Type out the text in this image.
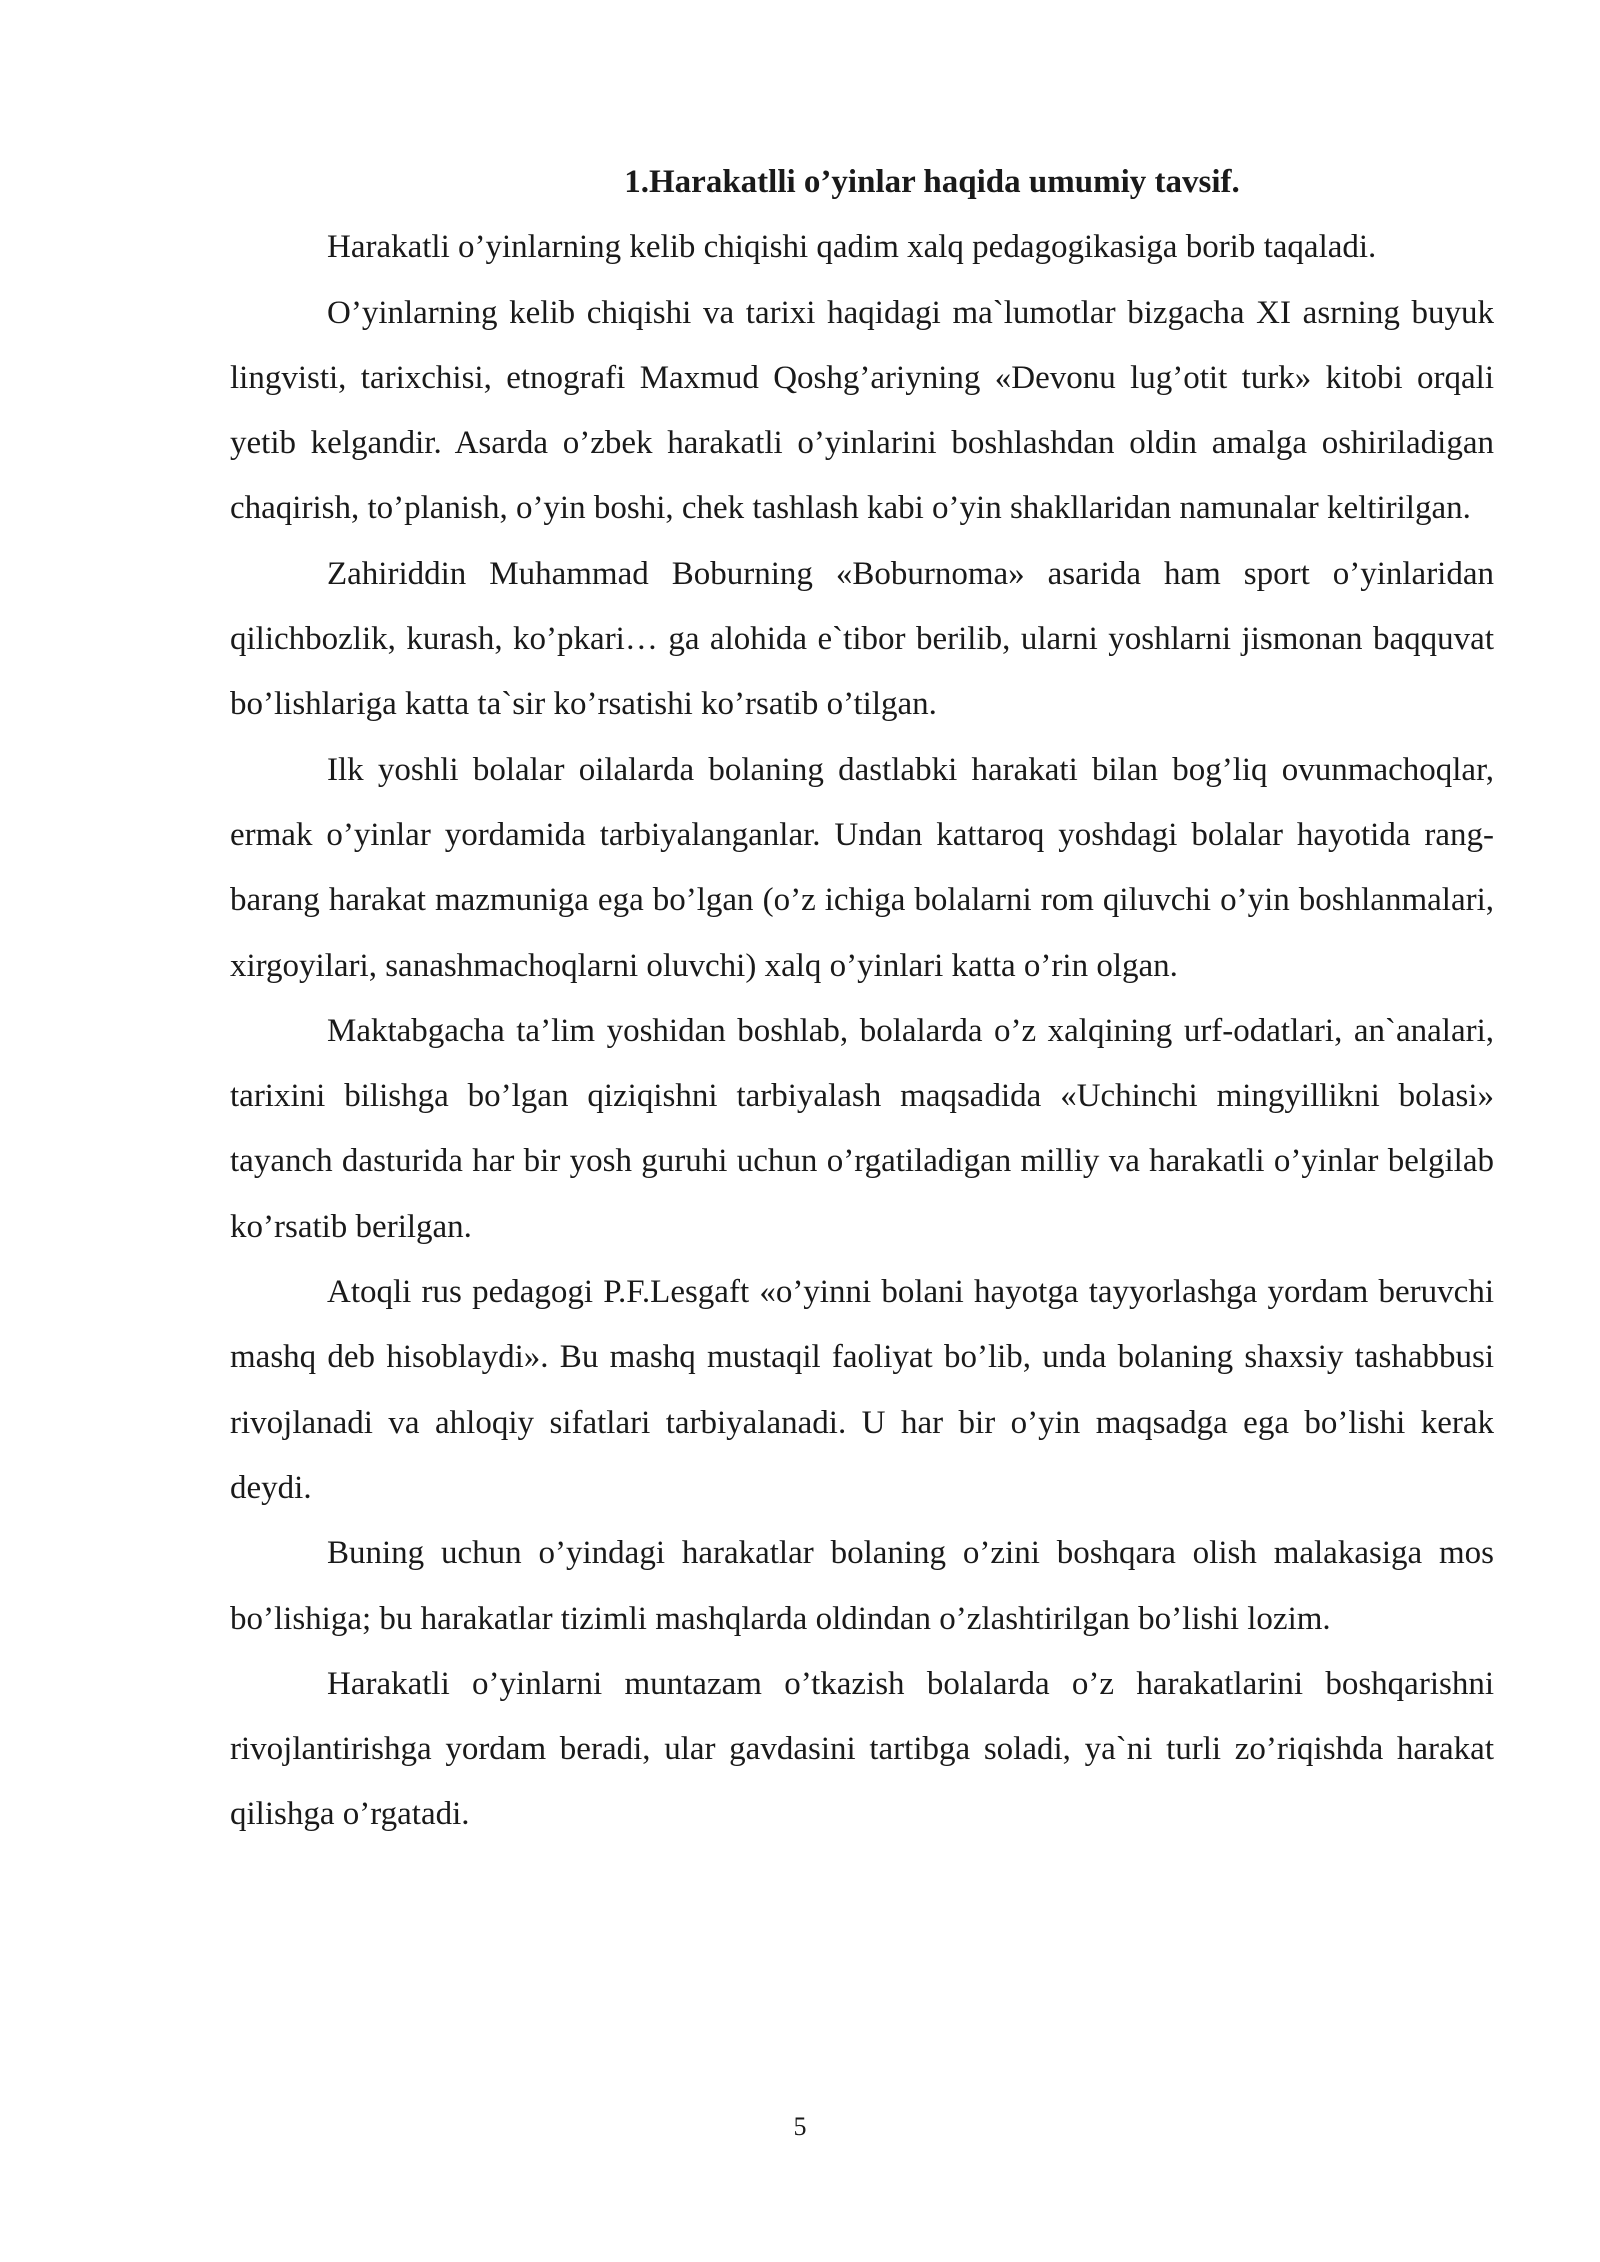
1.Harakatlli o’yinlar haqida umumiy tavsif.

Harakatli o’yinlarning kelib chiqishi qadim xalq pedagogikasiga borib taqaladi.

O’yinlarning kelib chiqishi va tarixi haqidagi ma`lumotlar bizgacha XI asrning buyuk lingvisti, tarixchisi, etnografi Maxmud Qoshg’ariyning «Devonu lug’otit turk» kitobi orqali yetib kelgandir. Asarda o’zbek harakatli o’yinlarini boshlashdan oldin amalga oshiriladigan chaqirish, to’planish, o’yin boshi, chek tashlash kabi o’yin shakllaridan namunalar keltirilgan.

Zahiriddin Muhammad Boburning «Boburnoma» asarida ham sport o’yinlaridan qilichbozlik, kurash, ko’pkari… ga alohida e`tibor berilib, ularni yoshlarni jismonan baqquvat bo’lishlariga katta ta`sir ko’rsatishi ko’rsatib o’tilgan.

Ilk yoshli bolalar oilalarda bolaning dastlabki harakati bilan bog’liq ovunmachoqlar, ermak o’yinlar yordamida tarbiyalanganlar. Undan kattaroq yoshdagi bolalar hayotida rang-barang harakat mazmuniga ega bo’lgan (o’z ichiga bolalarni rom qiluvchi o’yin boshlanmalari, xirgoyilari, sanashmachoqlarni oluvchi) xalq o’yinlari katta o’rin olgan.

Maktabgacha ta’lim yoshidan boshlab, bolalarda o’z xalqining urf-odatlari, an`analari, tarixini bilishga bo’lgan qiziqishni tarbiyalash maqsadida «Uchinchi mingyillikni bolasi» tayanch dasturida har bir yosh guruhi uchun o’rgatiladigan milliy va harakatli o’yinlar belgilab ko’rsatib berilgan.

Atoqli rus pedagogi P.F.Lesgaft «o’yinni bolani hayotga tayyorlashga yordam beruvchi mashq deb hisoblaydi». Bu mashq mustaqil faoliyat bo’lib, unda bolaning shaxsiy tashabbusi rivojlanadi va ahloqiy sifatlari tarbiyalanadi. U har bir o’yin maqsadga ega bo’lishi kerak deydi.

Buning uchun o’yindagi harakatlar bolaning o’zini boshqara olish malakasiga mos bo’lishiga; bu harakatlar tizimli mashqlarda oldindan o’zlashtirilgan bo’lishi lozim.

Harakatli o’yinlarni muntazam o’tkazish bolalarda o’z harakatlarini boshqarishni rivojlantirishga yordam beradi, ular gavdasini tartibga soladi, ya`ni turli zo’riqishda harakat qilishga o’rgatadi.

5
